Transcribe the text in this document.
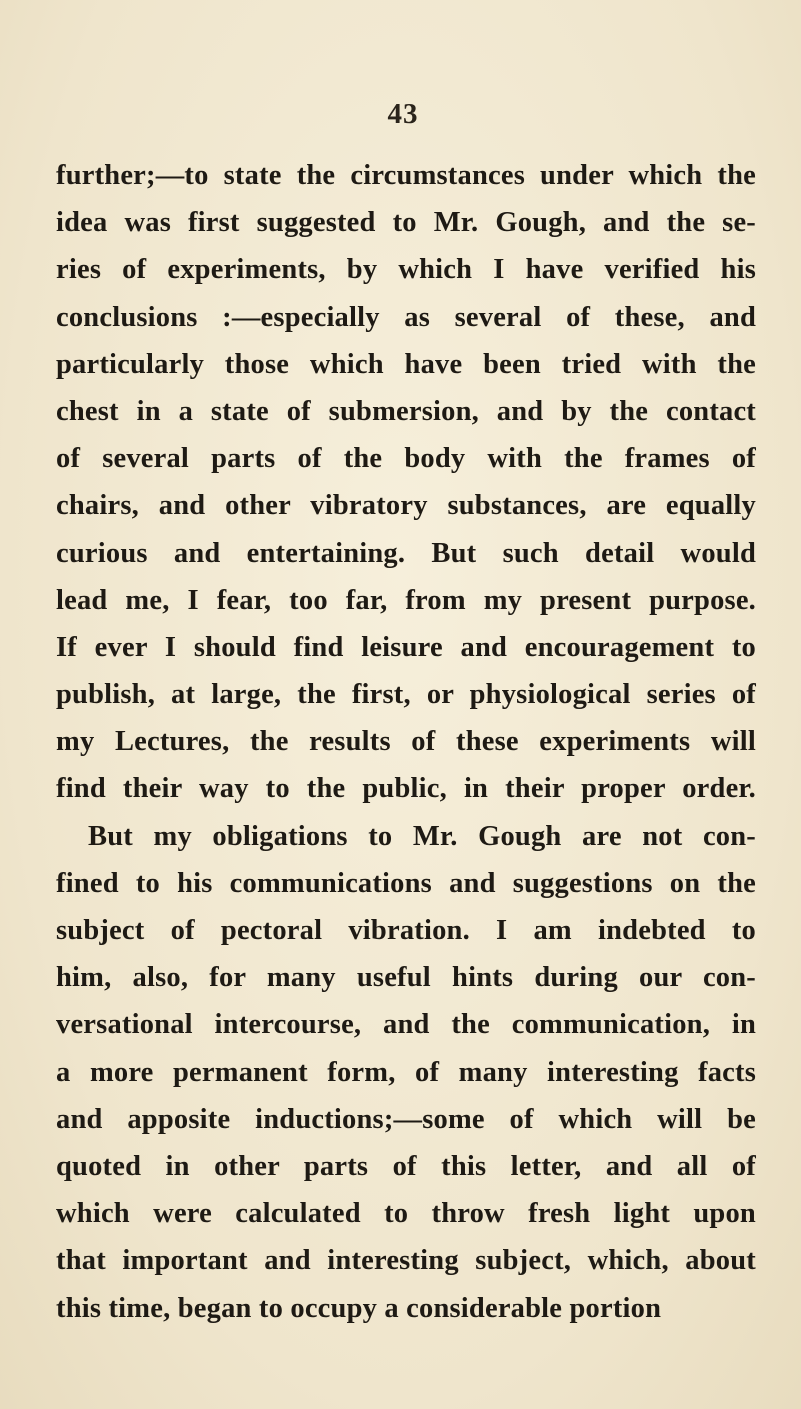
43
further;—to state the circumstances under which the
idea was first suggested to Mr. Gough, and the se-
ries of experiments, by which I have verified his
conclusions :—especially as several of these, and
particularly those which have been tried with the
chest in a state of submersion, and by the contact
of several parts of the body with the frames of
chairs, and other vibratory substances, are equally
curious and entertaining. But such detail would
lead me, I fear, too far, from my present purpose.
If ever I should find leisure and encouragement to
publish, at large, the first, or physiological series of
my Lectures, the results of these experiments will
find their way to the public, in their proper order.
But my obligations to Mr. Gough are not con-
fined to his communications and suggestions on the
subject of pectoral vibration. I am indebted to
him, also, for many useful hints during our con-
versational intercourse, and the communication, in
a more permanent form, of many interesting facts
and apposite inductions;—some of which will be
quoted in other parts of this letter, and all of
which were calculated to throw fresh light upon
that important and interesting subject, which, about
this time, began to occupy a considerable portion
